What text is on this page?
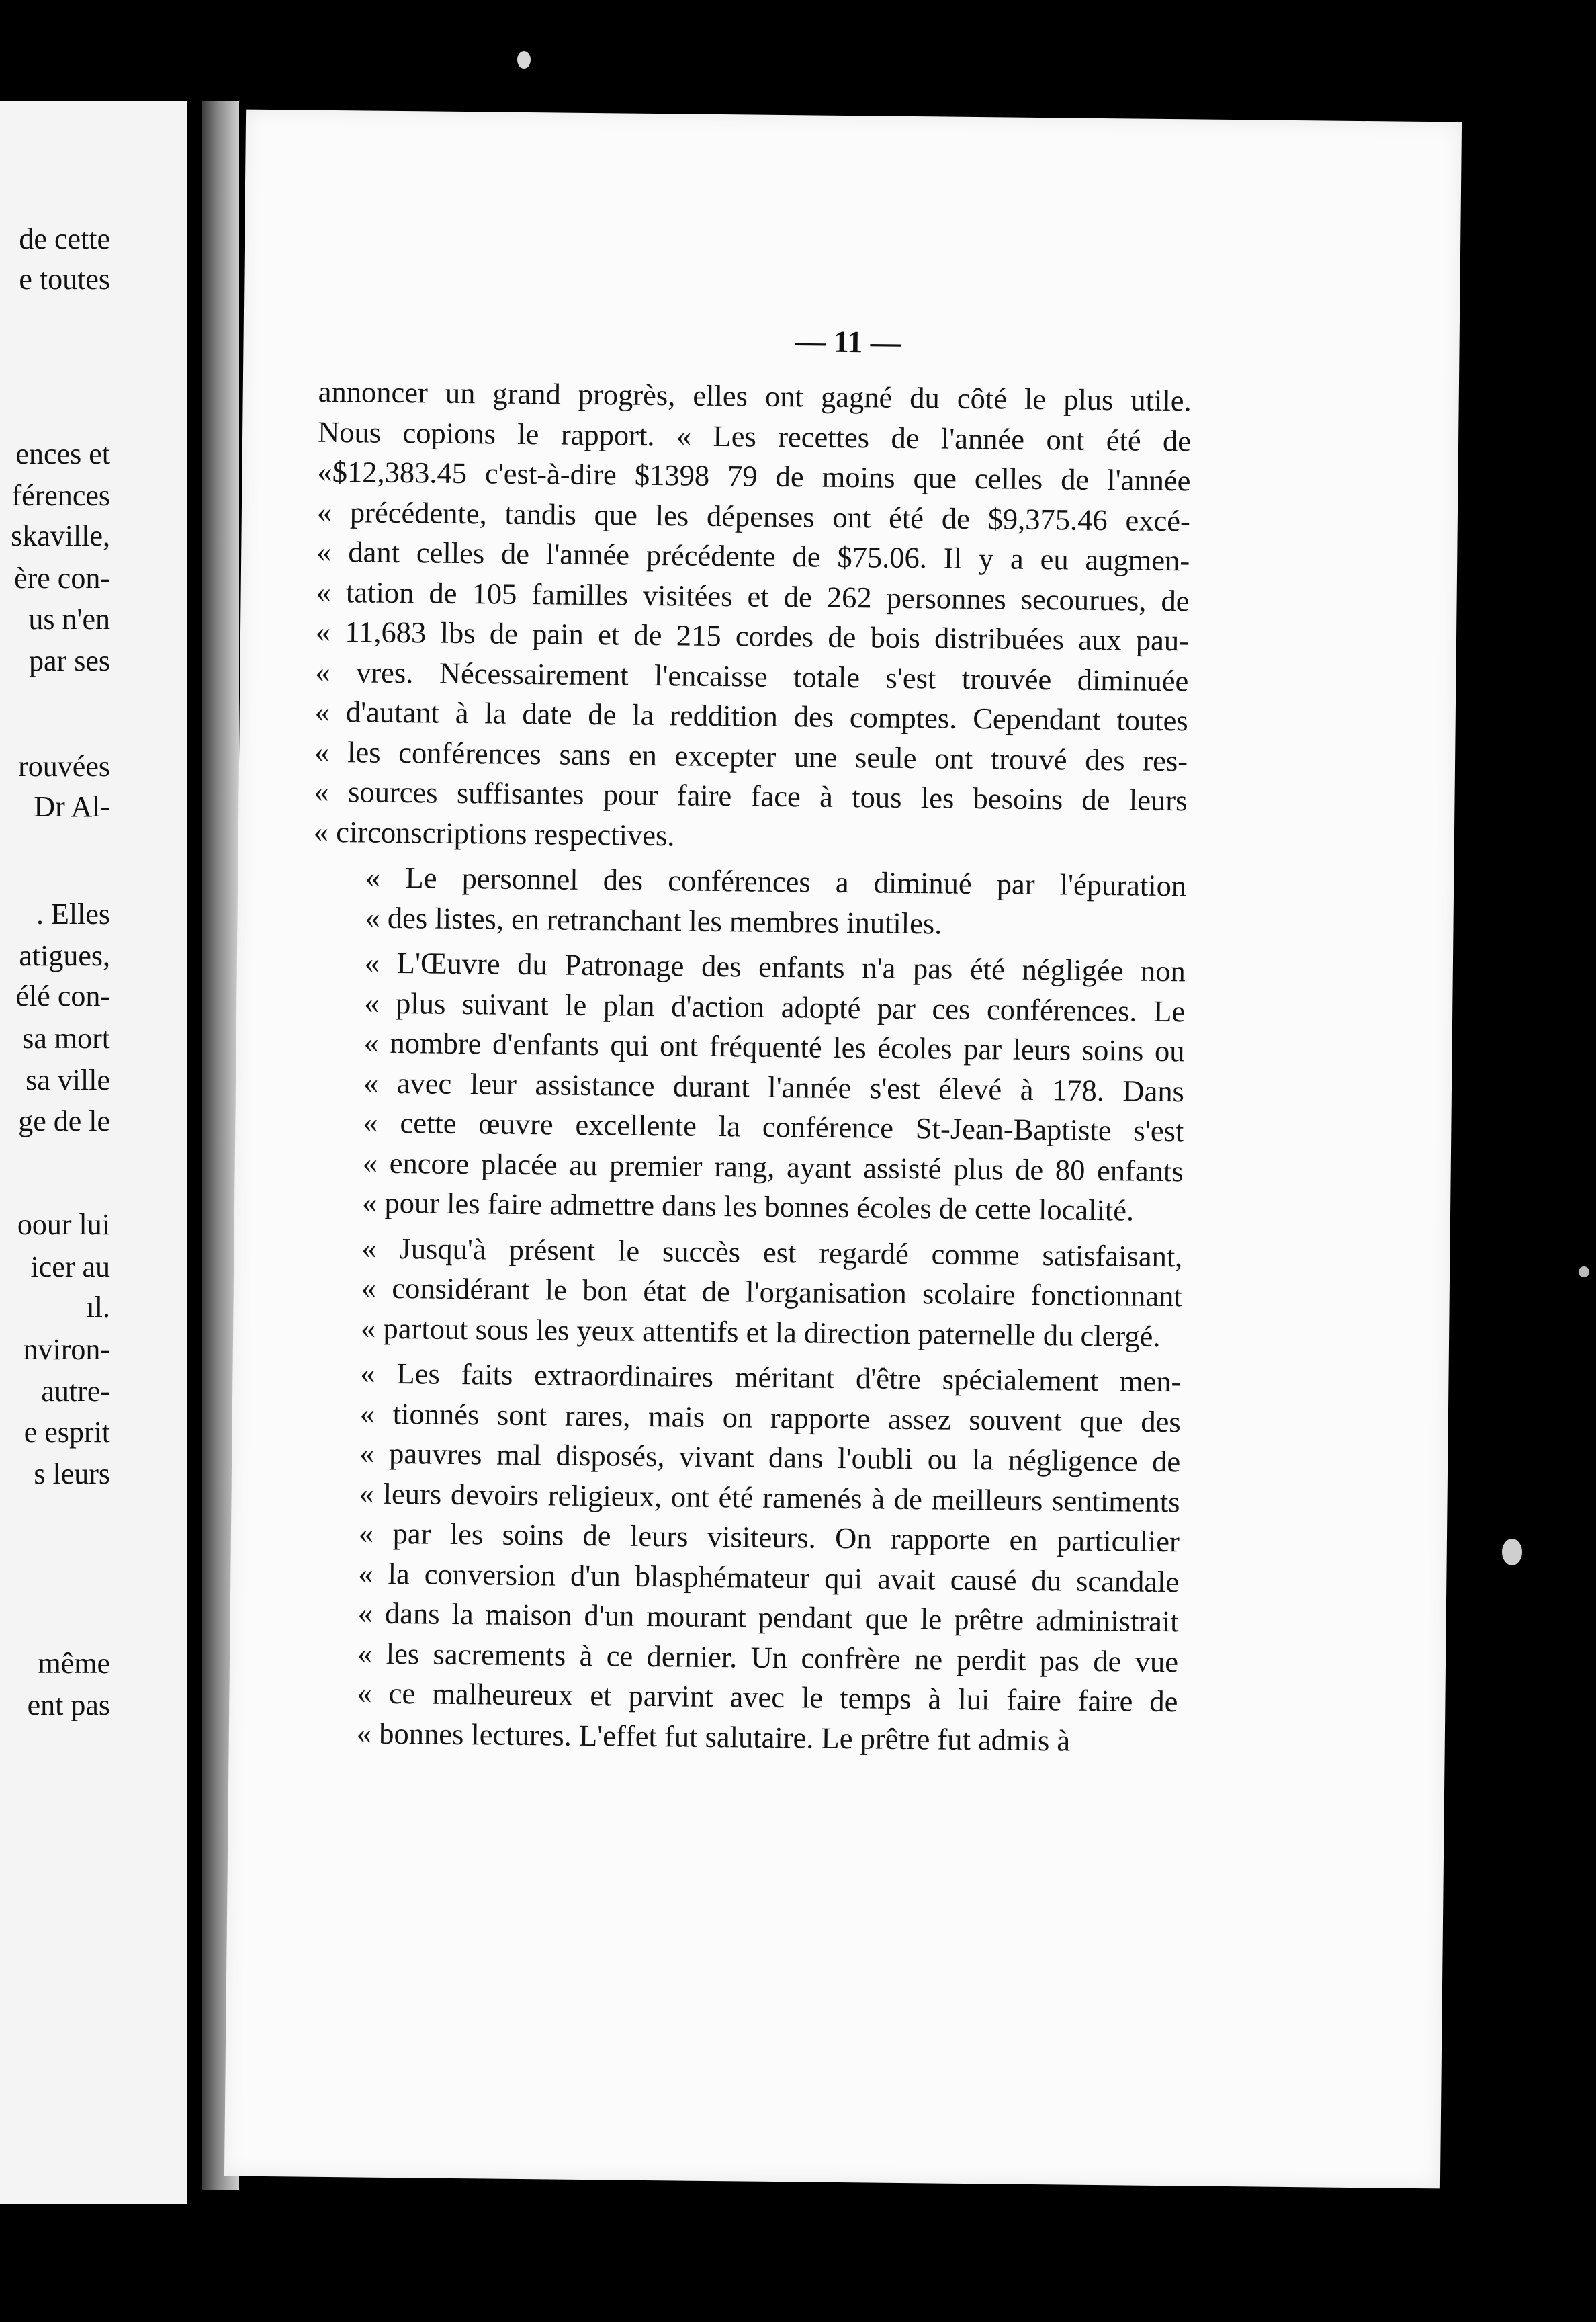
de cette
e toutes
ences et
férences
skaville,
ère con-
us n'en
par ses
rouvées
Dr Al-
. Elles
atigues,
élé con-
sa mort
sa ville
ge de le
oour lui
icer au
ıl.
nviron-
autre-
e esprit
s leurs
même
ent pas
— 11 —

annoncer un grand progrès, elles ont gagné du côté le plus utile.
Nous copions le rapport. « Les recettes de l'année ont été de
«$12,383.45 c'est-à-dire $1398 79 de moins que celles de l'année
« précédente, tandis que les dépenses ont été de $9,375.46 excé-
« dant celles de l'année précédente de $75.06. Il y a eu augmen-
« tation de 105 familles visitées et de 262 personnes secourues, de
« 11,683 lbs de pain et de 215 cordes de bois distribuées aux pau-
« vres. Nécessairement l'encaisse totale s'est trouvée diminuée
« d'autant à la date de la reddition des comptes. Cependant toutes
« les conférences sans en excepter une seule ont trouvé des res-
« sources suffisantes pour faire face à tous les besoins de leurs
« circonscriptions respectives.

« Le personnel des conférences a diminué par l'épuration
« des listes, en retranchant les membres inutiles.

« L'Œuvre du Patronage des enfants n'a pas été négligée non
« plus suivant le plan d'action adopté par ces conférences. Le
« nombre d'enfants qui ont fréquenté les écoles par leurs soins ou
« avec leur assistance durant l'année s'est élevé à 178. Dans
« cette œuvre excellente la conférence St-Jean-Baptiste s'est
« encore placée au premier rang, ayant assisté plus de 80 enfants
« pour les faire admettre dans les bonnes écoles de cette localité.

« Jusqu'à présent le succès est regardé comme satisfaisant,
« considérant le bon état de l'organisation scolaire fonctionnant
« partout sous les yeux attentifs et la direction paternelle du clergé.

« Les faits extraordinaires méritant d'être spécialement men-
« tionnés sont rares, mais on rapporte assez souvent que des
« pauvres mal disposés, vivant dans l'oubli ou la négligence de
« leurs devoirs religieux, ont été ramenés à de meilleurs sentiments
« par les soins de leurs visiteurs. On rapporte en particulier
« la conversion d'un blasphémateur qui avait causé du scandale
« dans la maison d'un mourant pendant que le prêtre administrait
« les sacrements à ce dernier. Un confrère ne perdit pas de vue
« ce malheureux et parvint avec le temps à lui faire faire de
« bonnes lectures. L'effet fut salutaire. Le prêtre fut admis à
